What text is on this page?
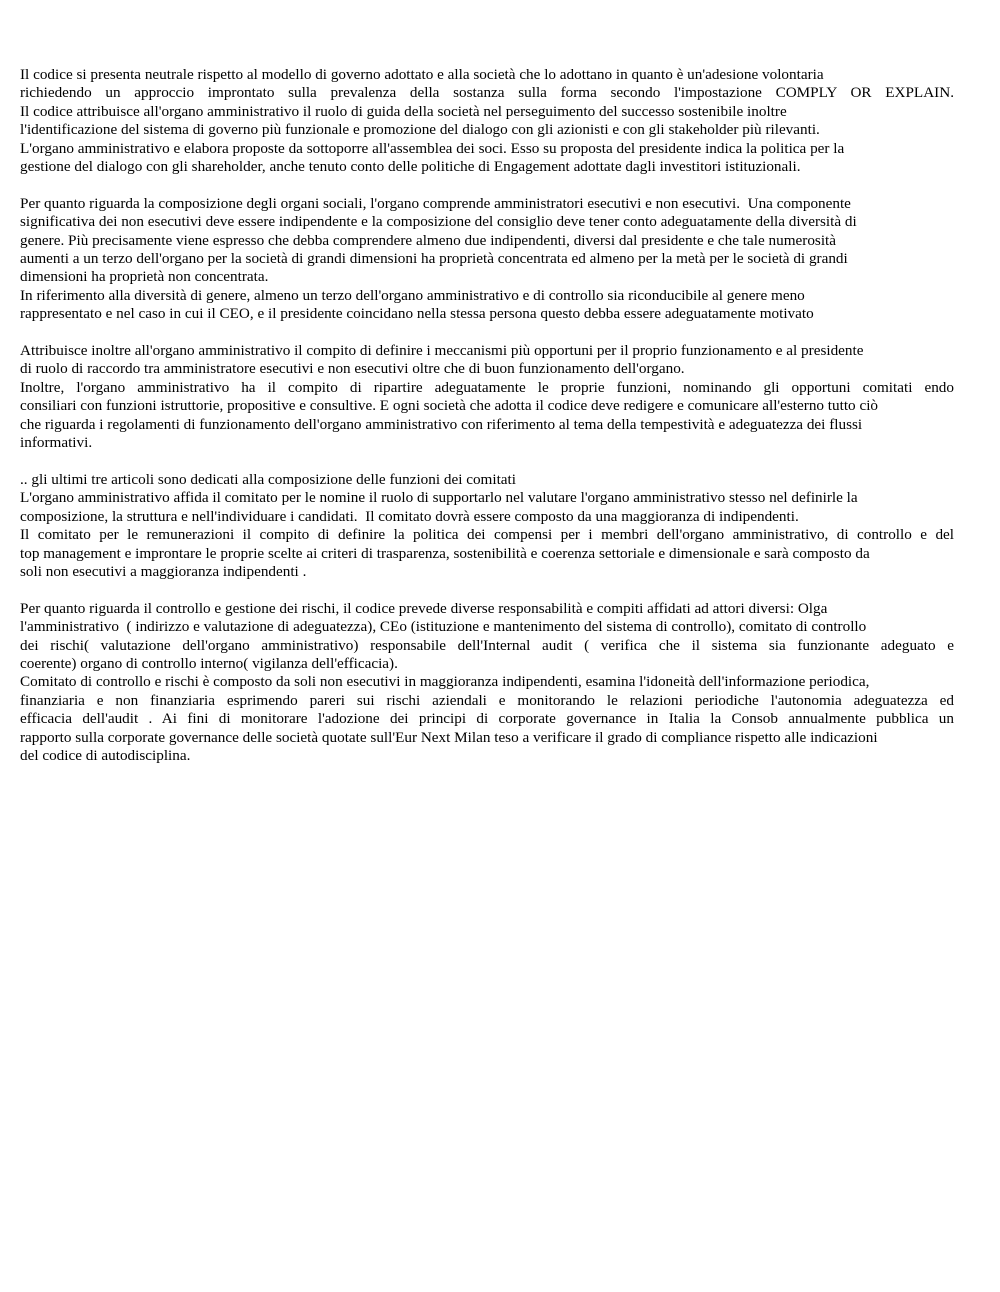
Il codice si presenta neutrale rispetto al modello di governo adottato e alla società che lo adottano in quanto è un'adesione volontaria
richiedendo un approccio improntato sulla prevalenza della sostanza sulla forma secondo l'impostazione COMPLY OR EXPLAIN.
Il codice attribuisce all'organo amministrativo il ruolo di guida della società nel perseguimento del successo sostenibile inoltre
l'identificazione del sistema di governo più funzionale e promozione del dialogo con gli azionisti e con gli stakeholder più rilevanti.
L'organo amministrativo e elabora proposte da sottoporre all'assemblea dei soci. Esso su proposta del presidente indica la politica per la
gestione del dialogo con gli shareholder, anche tenuto conto delle politiche di Engagement adottate dagli investitori istituzionali.

Per quanto riguarda la composizione degli organi sociali, l'organo comprende amministratori esecutivi e non esecutivi.  Una componente
significativa dei non esecutivi deve essere indipendente e la composizione del consiglio deve tener conto adeguatamente della diversità di
genere. Più precisamente viene espresso che debba comprendere almeno due indipendenti, diversi dal presidente e che tale numerosità
aumenti a un terzo dell'organo per la società di grandi dimensioni ha proprietà concentrata ed almeno per la metà per le società di grandi
dimensioni ha proprietà non concentrata.
In riferimento alla diversità di genere, almeno un terzo dell'organo amministrativo e di controllo sia riconducibile al genere meno
rappresentato e nel caso in cui il CEO, e il presidente coincidano nella stessa persona questo debba essere adeguatamente motivato

Attribuisce inoltre all'organo amministrativo il compito di definire i meccanismi più opportuni per il proprio funzionamento e al presidente
di ruolo di raccordo tra amministratore esecutivi e non esecutivi oltre che di buon funzionamento dell'organo.
Inoltre, l'organo amministrativo ha il compito di ripartire adeguatamente le proprie funzioni, nominando gli opportuni comitati endo
consiliari con funzioni istruttorie, propositive e consultive. E ogni società che adotta il codice deve redigere e comunicare all'esterno tutto ciò
che riguarda i regolamenti di funzionamento dell'organo amministrativo con riferimento al tema della tempestività e adeguatezza dei flussi
informativi.

.. gli ultimi tre articoli sono dedicati alla composizione delle funzioni dei comitati
L'organo amministrativo affida il comitato per le nomine il ruolo di supportarlo nel valutare l'organo amministrativo stesso nel definirle la
composizione, la struttura e nell'individuare i candidati.  Il comitato dovrà essere composto da una maggioranza di indipendenti.
Il comitato per le remunerazioni il compito di definire la politica dei compensi per i membri dell'organo amministrativo, di controllo e del
top management e improntare le proprie scelte ai criteri di trasparenza, sostenibilità e coerenza settoriale e dimensionale e sarà composto da
soli non esecutivi a maggioranza indipendenti .

Per quanto riguarda il controllo e gestione dei rischi, il codice prevede diverse responsabilità e compiti affidati ad attori diversi: Olga
l'amministrativo  ( indirizzo e valutazione di adeguatezza), CEo (istituzione e mantenimento del sistema di controllo), comitato di controllo
dei rischi( valutazione dell'organo amministrativo) responsabile dell'Internal audit ( verifica che il sistema sia funzionante adeguato e
coerente) organo di controllo interno( vigilanza dell'efficacia).
Comitato di controllo e rischi è composto da soli non esecutivi in maggioranza indipendenti, esamina l'idoneità dell'informazione periodica,
finanziaria e non finanziaria esprimendo pareri sui rischi aziendali e monitorando le relazioni periodiche l'autonomia adeguatezza ed
efficacia dell'audit . Ai fini di monitorare l'adozione dei principi di corporate governance in Italia la Consob annualmente pubblica un
rapporto sulla corporate governance delle società quotate sull'Eur Next Milan teso a verificare il grado di compliance rispetto alle indicazioni
del codice di autodisciplina.
